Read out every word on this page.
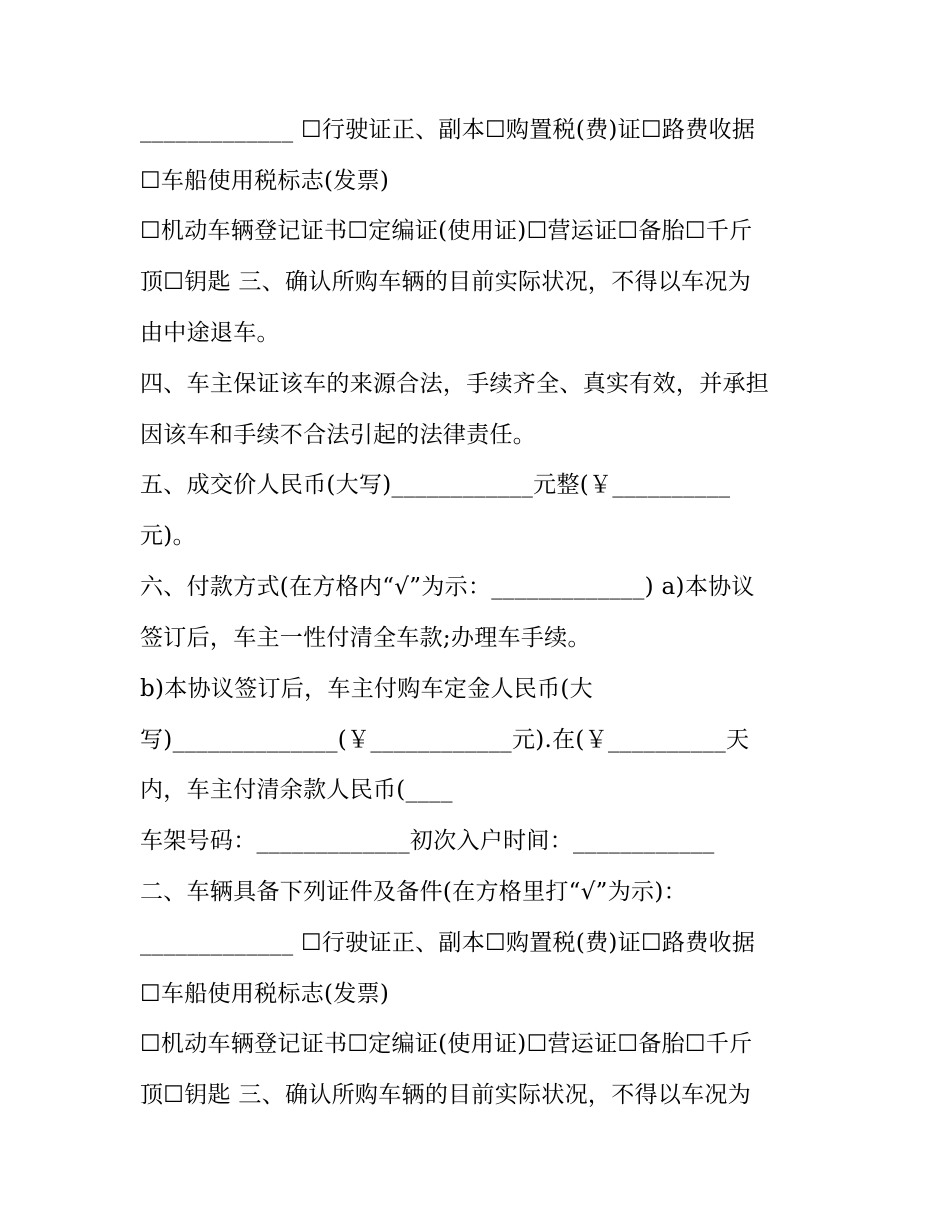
_____________ ☐行驶证正、副本☐购置税(费)证☐路费收据
☐车船使用税标志(发票)
☐机动车辆登记证书☐定编证(使用证)☐营运证☐备胎☐千斤
顶☐钥匙 三、确认所购车辆的目前实际状况，不得以车况为
由中途退车。
四、车主保证该车的来源合法，手续齐全、真实有效，并承担
因该车和手续不合法引起的法律责任。
五、成交价人民币(大写)____________元整(￥__________
元)。
六、付款方式(在方格内“√”为示：_____________) a)本协议
签订后，车主一性付清全车款;办理车手续。
b)本协议签订后，车主付购车定金人民币(大
写)______________(￥____________元).在(￥__________天
内，车主付清余款人民币(____
车架号码：_____________初次入户时间：____________
二、车辆具备下列证件及备件(在方格里打“√”为示)：
_____________ ☐行驶证正、副本☐购置税(费)证☐路费收据
☐车船使用税标志(发票)
☐机动车辆登记证书☐定编证(使用证)☐营运证☐备胎☐千斤
顶☐钥匙 三、确认所购车辆的目前实际状况，不得以车况为
